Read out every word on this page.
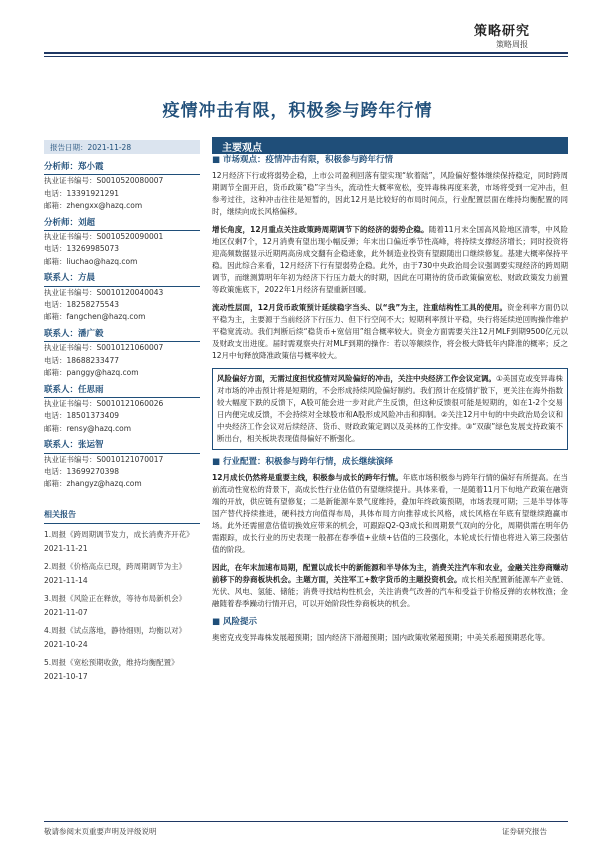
策略研究
策略周报
疫情冲击有限，积极参与跨年行情
报告日期：2021-11-28	主要观点
分析师：郑小霞
执业证书编号：S0010520080007
电话：13391921291
邮箱：zhengxx@hazq.com
分析师：刘超
执业证书编号：S0010520090001
电话：13269985073
邮箱：liuchao@hazq.com
联系人：方晨
执业证书编号：S0010120040043
电话：18258275543
邮箱：fangchen@hazq.com
联系人：潘广毅
执业证书编号：S0010121060007
电话：18688233477
邮箱：panggy@hazq.com
联系人：任思雨
执业证书编号：S0010121060026
电话：18501373409
邮箱：rensy@hazq.com
联系人：张运智
执业证书编号：S0010121070017
电话：13699270398
邮箱：zhangyz@hazq.com
相关报告
1.周报《跨周期调节发力，成长消费齐开花》 2021-11-21
2.周报《价格高点已现，跨周期调节为主》 2021-11-14
3.周报《风险正在释放，等待布局新机会》 2021-11-07
4.周报《试点落地，静待细则，均衡以对》 2021-10-24
5.周报《宽松预期收敛，维持均衡配置》 2021-10-17
■ 市场观点：疫情冲击有限，积极参与跨年行情
12月经济下行或将弱势企稳，上市公司盈利回落有望实现“软着陆”，风险偏好整体继续保持稳定，同时跨周期调节全面开启，货币政策“稳”字当头，流动性大概率宽松，变异毒株再度来袭，市场将受到一定冲击，但参考过往，这种冲击往往是短暂的，因此12月是比较好的布局时间点，行业配置层面在维持均衡配置的同时，继续向成长风格偏移。
增长角度，12月重点关注政策跨周期调节下的经济的弱势企稳。随着11月末全国高风险地区清零，中风险地区仅剩7个，12月消费有望出现小幅反弹；年末出口偏近季节性高峰，将持续支撑经济增长；同时投资将迎高频数据显示近期两高房成交翻有企稳迹象，此外制造业投资有望跟随出口继续修复。基建大概率保持平稳。因此综合来看，12月经济下行有望弱势企稳。此外，由于730中央政治局会议强调要实现经济的跨周期调节，而继测算明年年初为经济下行压力最大的时期，因此在可期待的货币政策偏宽松、财政政策发力前置等政策施底下，2022年1月经济有望重新回暖。
流动性层面，12月货币政策预计延续稳字当头、以“我”为主，注重结构性工具的使用。资金利率方面仍以平稳为主，主要源于当前经济下行压力、但下行空间不大；短期利率预计平稳，央行将延续逆回购操作维护平稳宽流动。我们判断后续“稳货币+宽信用”组合概率较大。资金方面需要关注12月MLF到期9500亿元以及财政支出进度。届时需观察央行对MLF到期的操作：若以等额续作，将会极大降低年内降准的概率；反之12月中旬释放降准政策信号概率较大。
风险偏好方面，无需过度担忧疫情对风险偏好的冲击，关注中央经济工作会议定调。①美国克或变异毒株对市场的冲击预计将是短期的，不会形成持续风险偏好制约。我们预计在疫情扩散下，更关注在海外指数较大幅度下跌的反馈下，A股可能会进一步对此产生反馈，但这种反馈很可能是短期的，如在1-2个交易日内便完成反馈，不会持续对全球股市和A股形成风险冲击和抑制。②关注12月中旬的中央政治局会议和中央经济工作会议对后续经济、货币、财政政策定调以及美林的工作安排。③“双碳”绿色发展支持政策不断出台，相关板块表现值得偏好不断强化。
■ 行业配置：积极参与跨年行情，成长继续演绎
12月成长仍然将是重要主线，积极参与成长的跨年行情。年底市场积极参与跨年行情的偏好有所提高。在当前流动性宽松的背景下，高成长性行业估值仍有望继续提升。具体来看，一是随着11月下旬地产政策在融资端的开放，供应链有望修复；二是新能源车景气度维持，叠加年终政策预期，市场表现可期；三是半导体等国产替代持续推进，硬科技方向值得布局，具体布局方向推荐成长风格，成长风格在年底有望继续跑赢市场。此外还需留意估值切换效应带来的机会，可跟踪Q2-Q3成长和周期景气双向的分化，周期供需在明年仍需跟踪，成长行业的历史表现一般都在春季值+业绩+估值的三段强化，本轮成长行情也将进入第三段强估值的阶段。
因此，在年末加速布局期，配置以成长中的新能源和半导体为主，消费关注汽车和农业，金融关注券商赚动前移下的券商板块机会。主题方面，关注军工+数字货币的主题投资机会。成长相关配置新能源车产业链、光伏、风电、氢能、储能；消费寻找结构性机会，关注消费气改善的汽车和受益于价格反弹的农林牧渔；金融随着春季躁动行情开启，可以开始阶段性券商板块的机会。
■ 风险提示
奥密克戎变异毒株发展超预期；国内经济下滑超预期；国内政策收紧超预期；中美关系超预期恶化等。
敬请参阅末页重要声明及评级说明	证券研究报告
